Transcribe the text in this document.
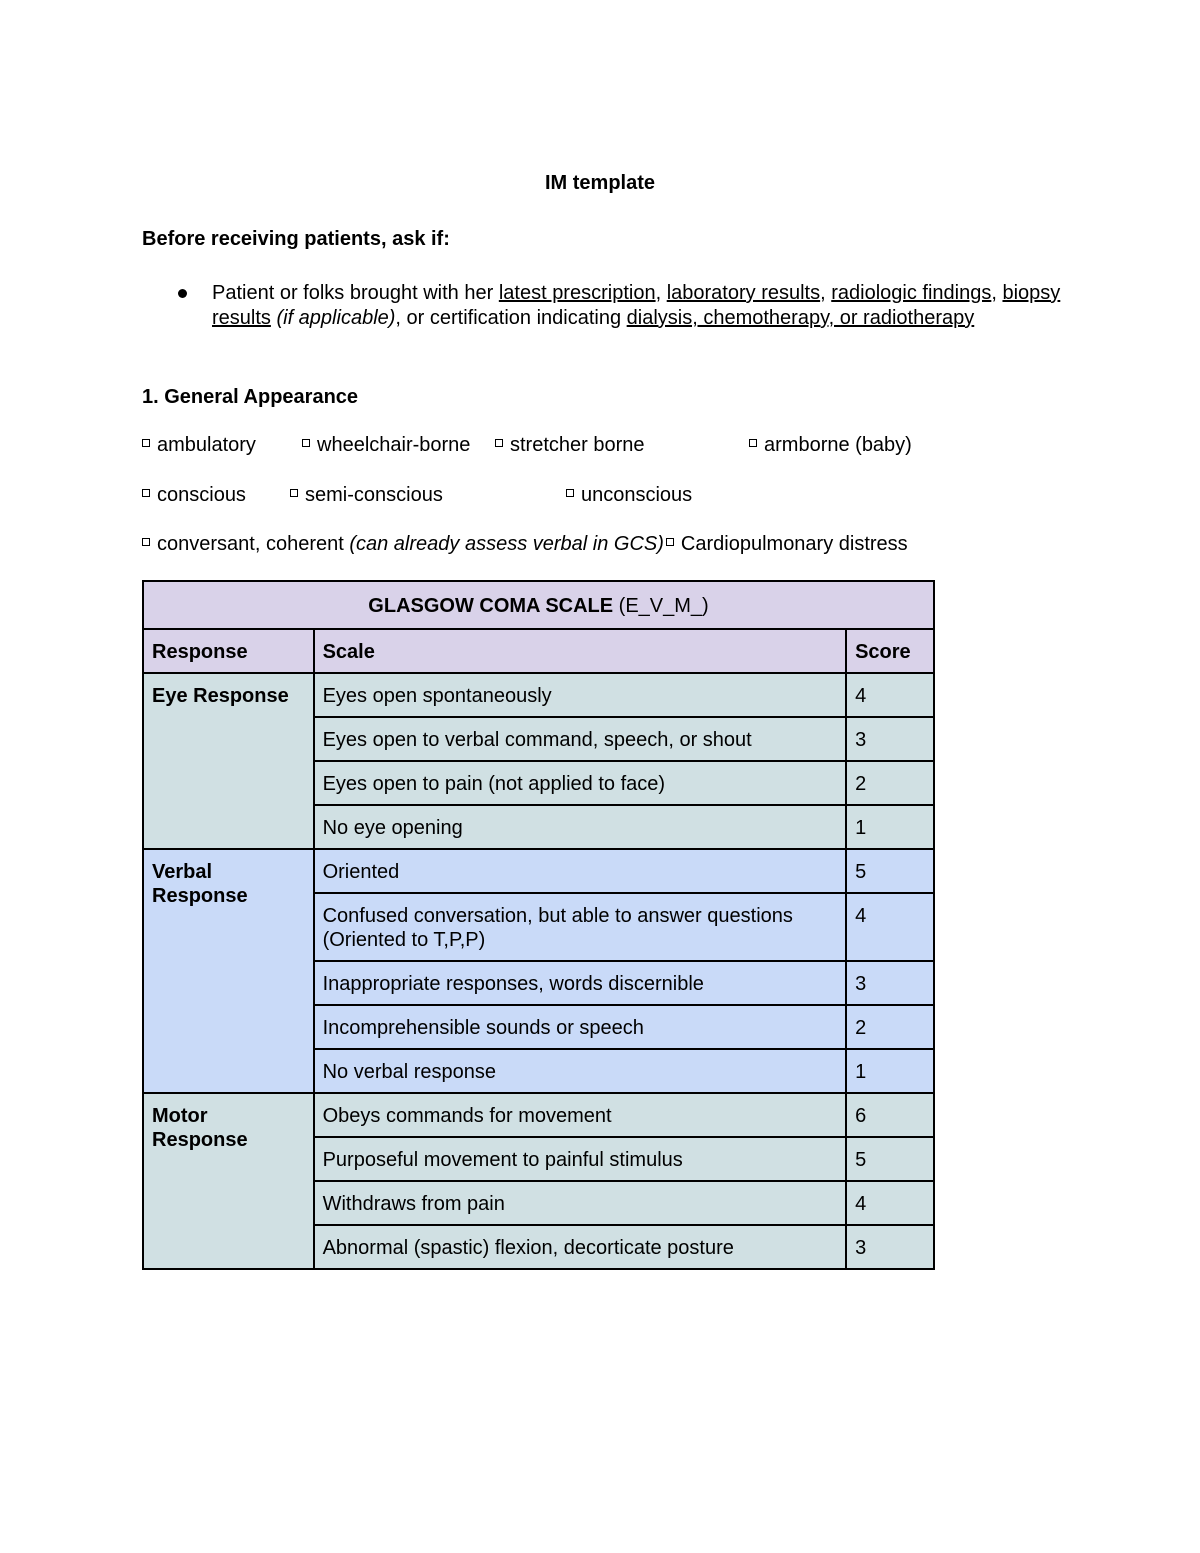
IM template
Before receiving patients, ask if:
Patient or folks brought with her latest prescription, laboratory results, radiologic findings, biopsy results (if applicable), or certification indicating dialysis, chemotherapy, or radiotherapy
1. General Appearance
ambulatory	wheelchair-borne	stretcher borne	armborne (baby)
conscious	semi-conscious	unconscious
conversant, coherent (can already assess verbal in GCS) Cardiopulmonary distress
GLASGOW COMA SCALE (E_V_M_)		
Response	Scale	Score
Eye Response	Eyes open spontaneously	4
	Eyes open to verbal command, speech, or shout	3
	Eyes open to pain (not applied to face)	2
	No eye opening	1
Verbal Response	Oriented	5
	Confused conversation, but able to answer questions (Oriented to T,P,P)	4
	Inappropriate responses, words discernible	3
	Incomprehensible sounds or speech	2
	No verbal response	1
Motor Response	Obeys commands for movement	6
	Purposeful movement to painful stimulus	5
	Withdraws from pain	4
	Abnormal (spastic) flexion, decorticate posture	3
